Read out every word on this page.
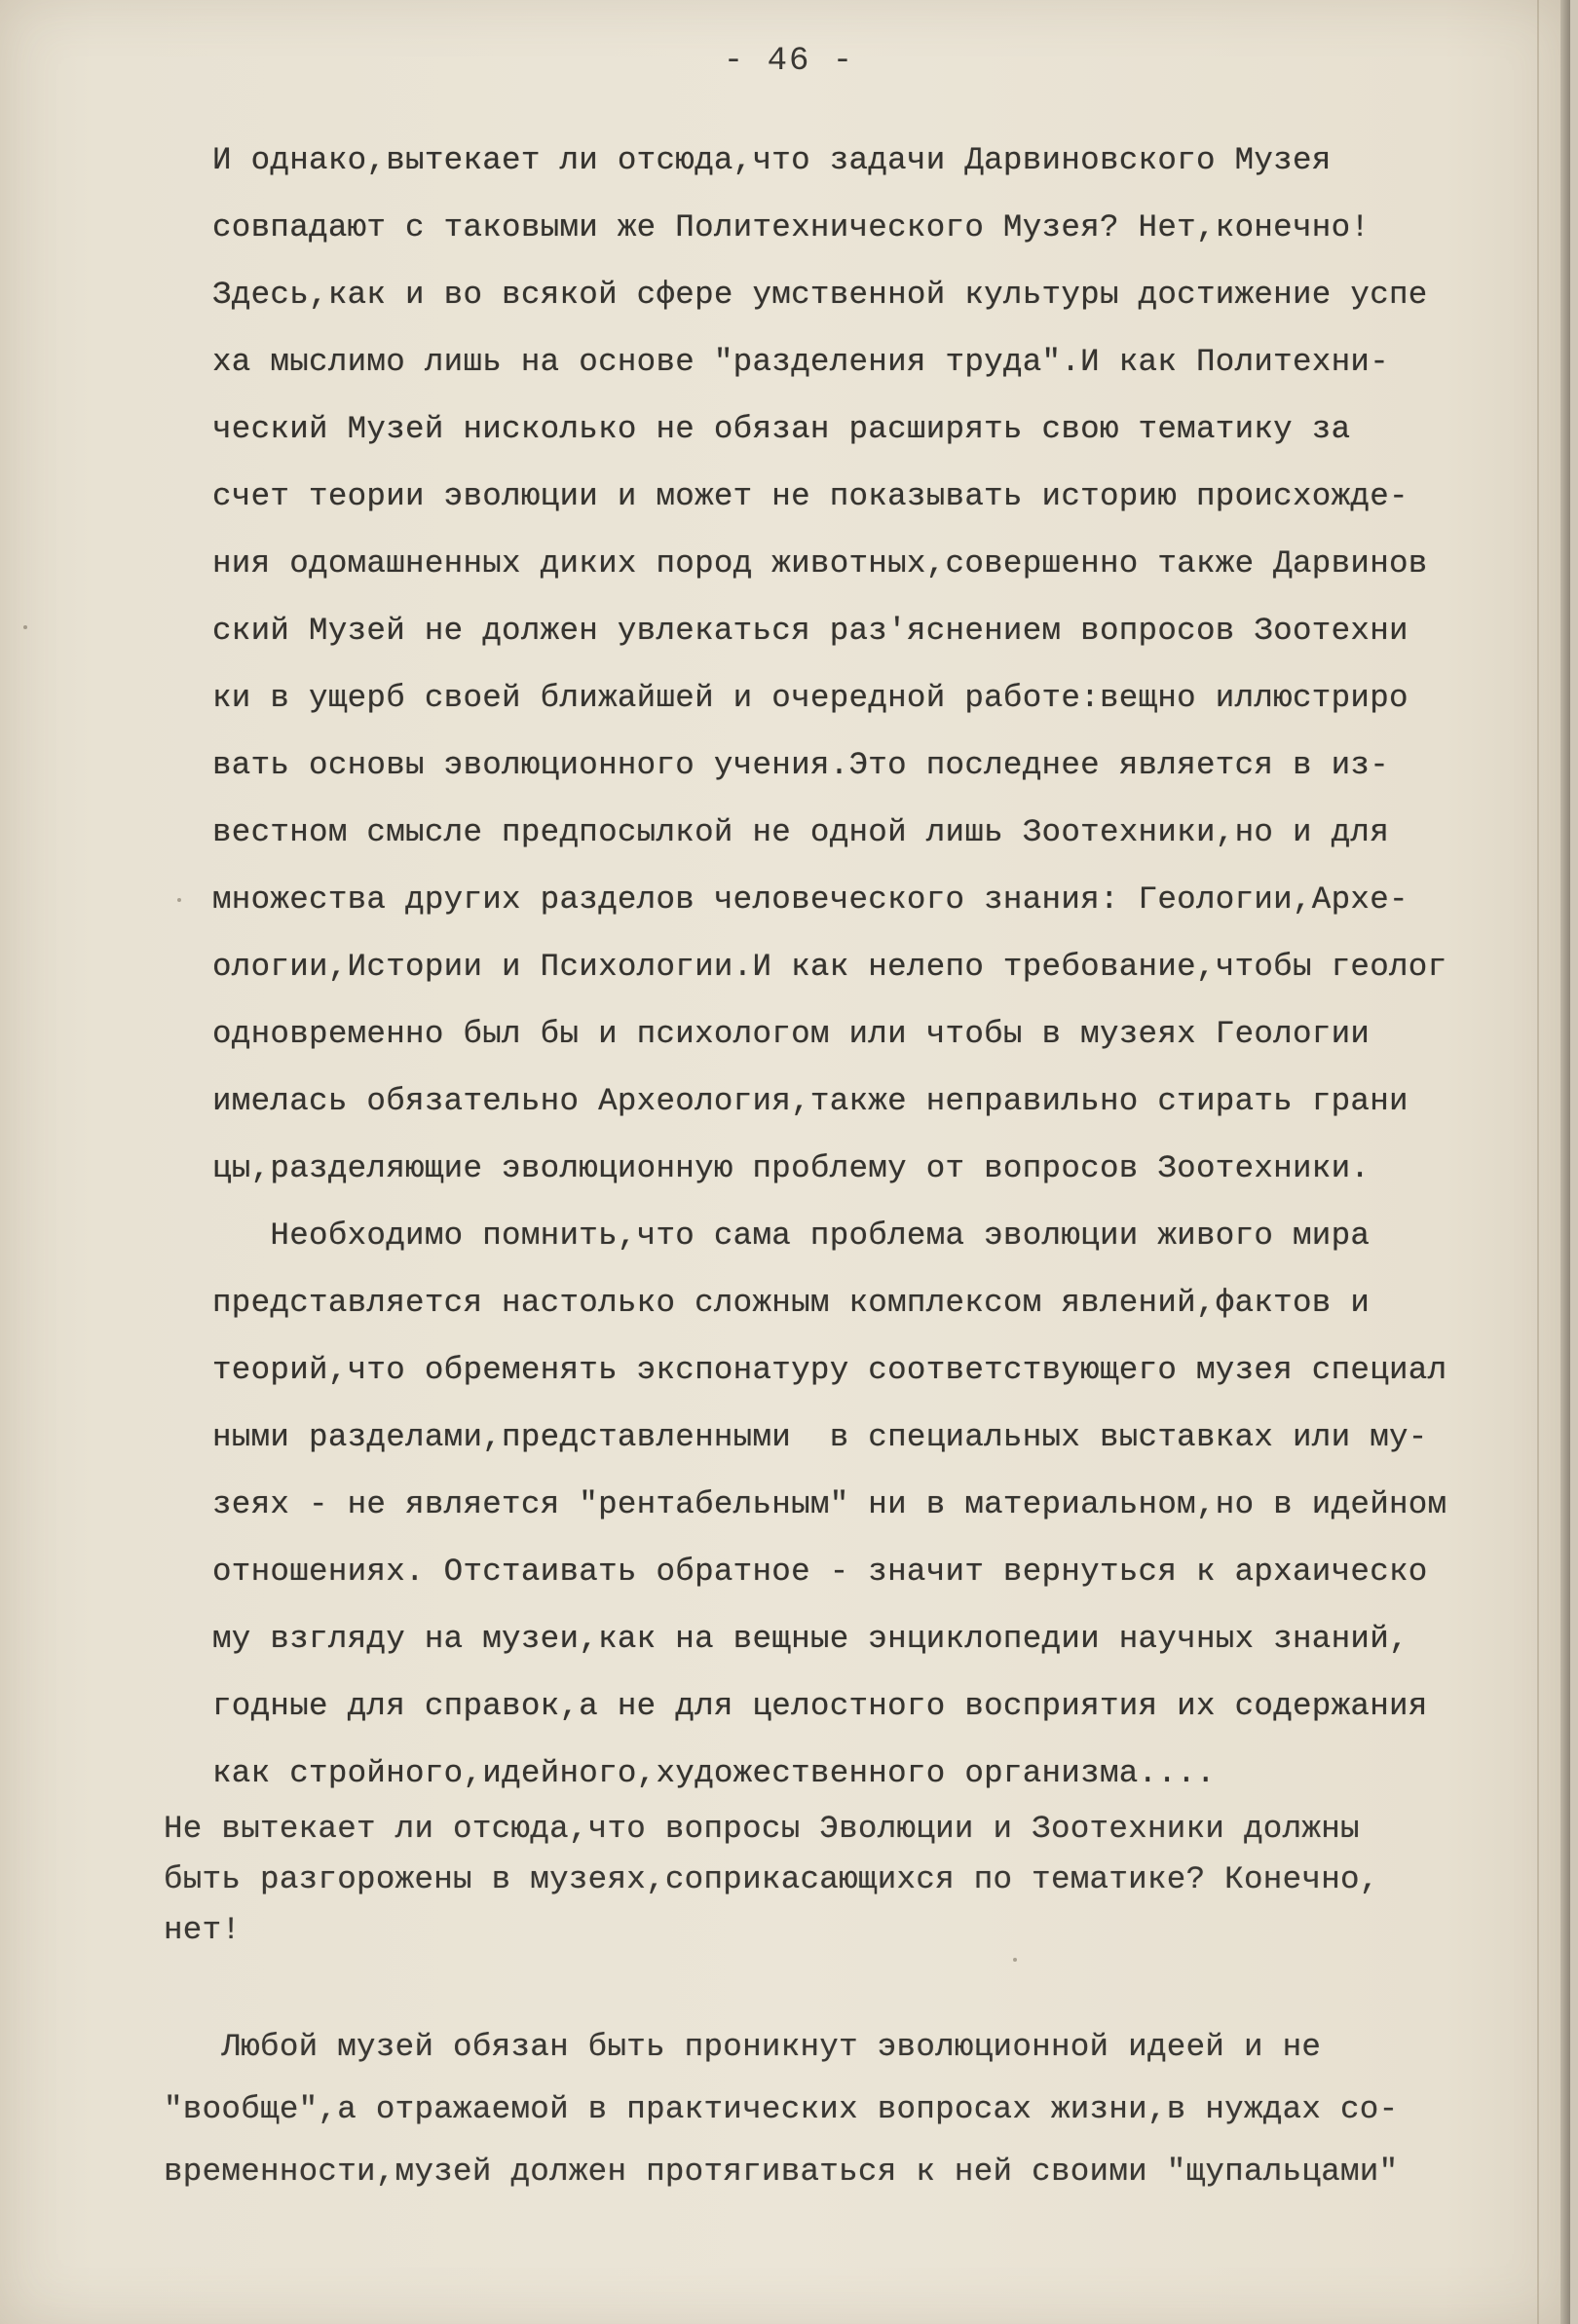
- 46 -
И однако,вытекает ли отсюда,что задачи Дарвиновского Музея
совпадают с таковыми же Политехнического Музея? Нет,конечно!
Здесь,как и во всякой сфере умственной культуры достижение успе
ха мыслимо лишь на основе "разделения труда".И как Политехни-
ческий Музей нисколько не обязан расширять свою тематику за
счет теории эволюции и может не показывать историю происхожде-
ния одомашненных диких пород животных,совершенно также Дарвинов
ский Музей не должен увлекаться раз'яснением вопросов Зоотехни
ки в ущерб своей ближайшей и очередной работе:вещно иллюстриро
вать основы эволюционного учения.Это последнее является в из-
вестном смысле предпосылкой не одной лишь Зоотехники,но и для
множества других разделов человеческого знания: Геологии,Архе-
ологии,Истории и Психологии.И как нелепо требование,чтобы геолог
одновременно был бы и психологом или чтобы в музеях Геологии
имелась обязательно Археология,также неправильно стирать грани
цы,разделяющие эволюционную проблему от вопросов Зоотехники.
Необходимо помнить,что сама проблема эволюции живого мира
представляется настолько сложным комплексом явлений,фактов и
теорий,что обременять экспонатуру соответствующего музея специал
ными разделами,представленными  в специальных выставках или му-
зеях - не является "рентабельным" ни в материальном,но в идейном
отношениях. Отстаивать обратное - значит вернуться к архаическо
му взгляду на музеи,как на вещные энциклопедии научных знаний,
годные для справок,а не для целостного восприятия их содержания
как стройного,идейного,художественного организма....
Не вытекает ли отсюда,что вопросы Эволюции и Зоотехники должны
быть разгорожены в музеях,соприкасающихся по тематике? Конечно,
нет!
Любой музей обязан быть проникнут эволюционной идеей и не
"вообще",а отражаемой в практических вопросах жизни,в нуждах со-
временности,музей должен протягиваться к ней своими "щупальцами"
